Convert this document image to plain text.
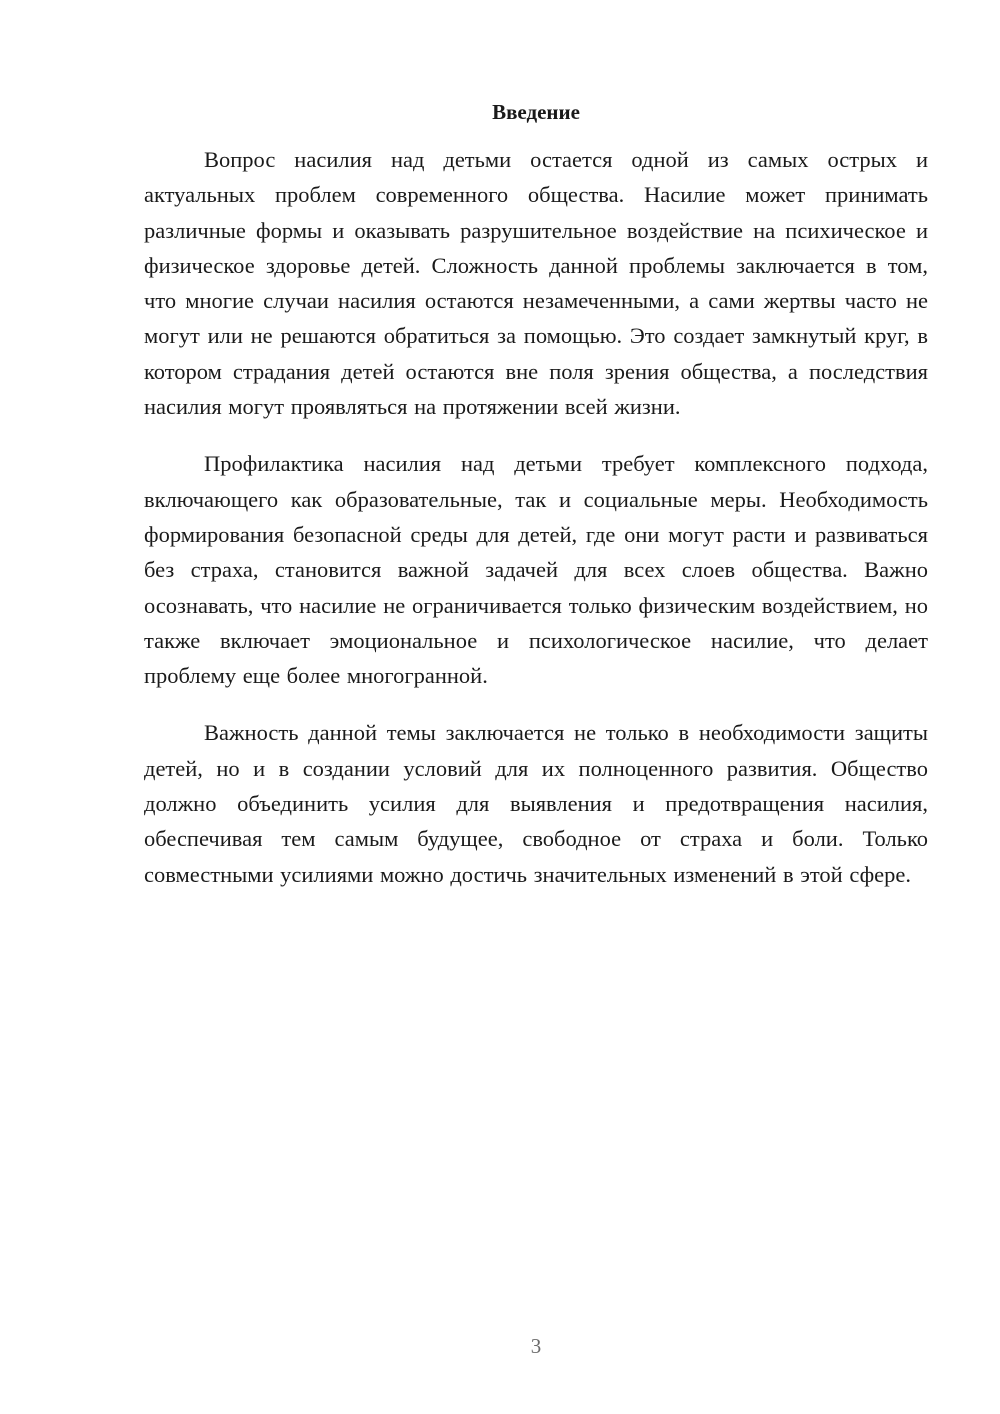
Введение

Вопрос насилия над детьми остается одной из самых острых и актуальных проблем современного общества. Насилие может принимать различные формы и оказывать разрушительное воздействие на психическое и физическое здоровье детей. Сложность данной проблемы заключается в том, что многие случаи насилия остаются незамеченными, а сами жертвы часто не могут или не решаются обратиться за помощью. Это создает замкнутый круг, в котором страдания детей остаются вне поля зрения общества, а последствия насилия могут проявляться на протяжении всей жизни.

Профилактика насилия над детьми требует комплексного подхода, включающего как образовательные, так и социальные меры. Необходимость формирования безопасной среды для детей, где они могут расти и развиваться без страха, становится важной задачей для всех слоев общества. Важно осознавать, что насилие не ограничивается только физическим воздействием, но также включает эмоциональное и психологическое насилие, что делает проблему еще более многогранной.

Важность данной темы заключается не только в необходимости защиты детей, но и в создании условий для их полноценного развития. Общество должно объединить усилия для выявления и предотвращения насилия, обеспечивая тем самым будущее, свободное от страха и боли. Только совместными усилиями можно достичь значительных изменений в этой сфере.

3
